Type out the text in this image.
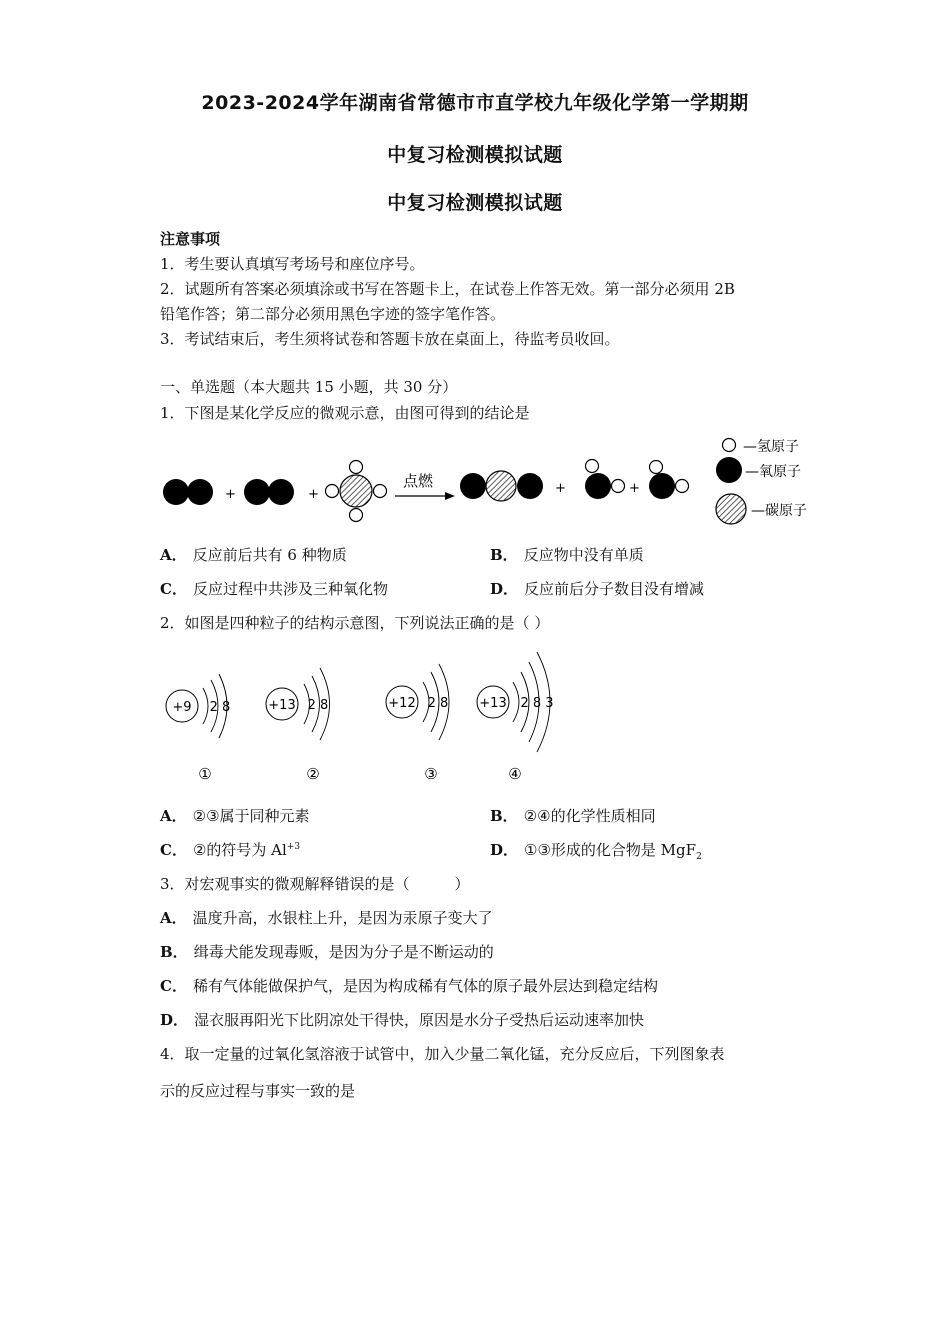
2023-2024学年湖南省常德市市直学校九年级化学第一学期期
中复习检测模拟试题
中复习检测模拟试题
注意事项
1．考生要认真填写考场号和座位序号。
2．试题所有答案必须填涂或书写在答题卡上，在试卷上作答无效。第一部分必须用 2B
铅笔作答；第二部分必须用黑色字迹的签字笔作答。
3．考试结束后，考生须将试卷和答题卡放在桌面上，待监考员收回。
一、单选题（本大题共 15 小题，共 30 分）
1．下图是某化学反应的微观示意，由图可得到的结论是
+	+
点燃	+	+
—氢原子
—氧原子
—碳原子
A． 反应前后共有 6 种物质	B． 反应物中没有单质
C． 反应过程中共涉及三种氧化物	D． 反应前后分子数目没有增减
2．如图是四种粒子的结构示意图，下列说法正确的是（ ）
+9 2 8
①
+13 2 8
②
+12 2 8
③
+13 2 8 3
④
A． ②③属于同种元素	B． ②④的化学性质相同
C． ②的符号为 $Al^{+3}$	D． ①③形成的化合物是 MgF$_2$
3．对宏观事实的微观解释错误的是（　　　）
A． 温度升高，水银柱上升，是因为汞原子变大了
B． 缉毒犬能发现毒贩，是因为分子是不断运动的
C． 稀有气体能做保护气，是因为构成稀有气体的原子最外层达到稳定结构
D． 湿衣服再阳光下比阴凉处干得快，原因是水分子受热后运动速率加快
4．取一定量的过氧化氢溶液于试管中，加入少量二氧化锰，充分反应后，下列图象表
示的反应过程与事实一致的是
